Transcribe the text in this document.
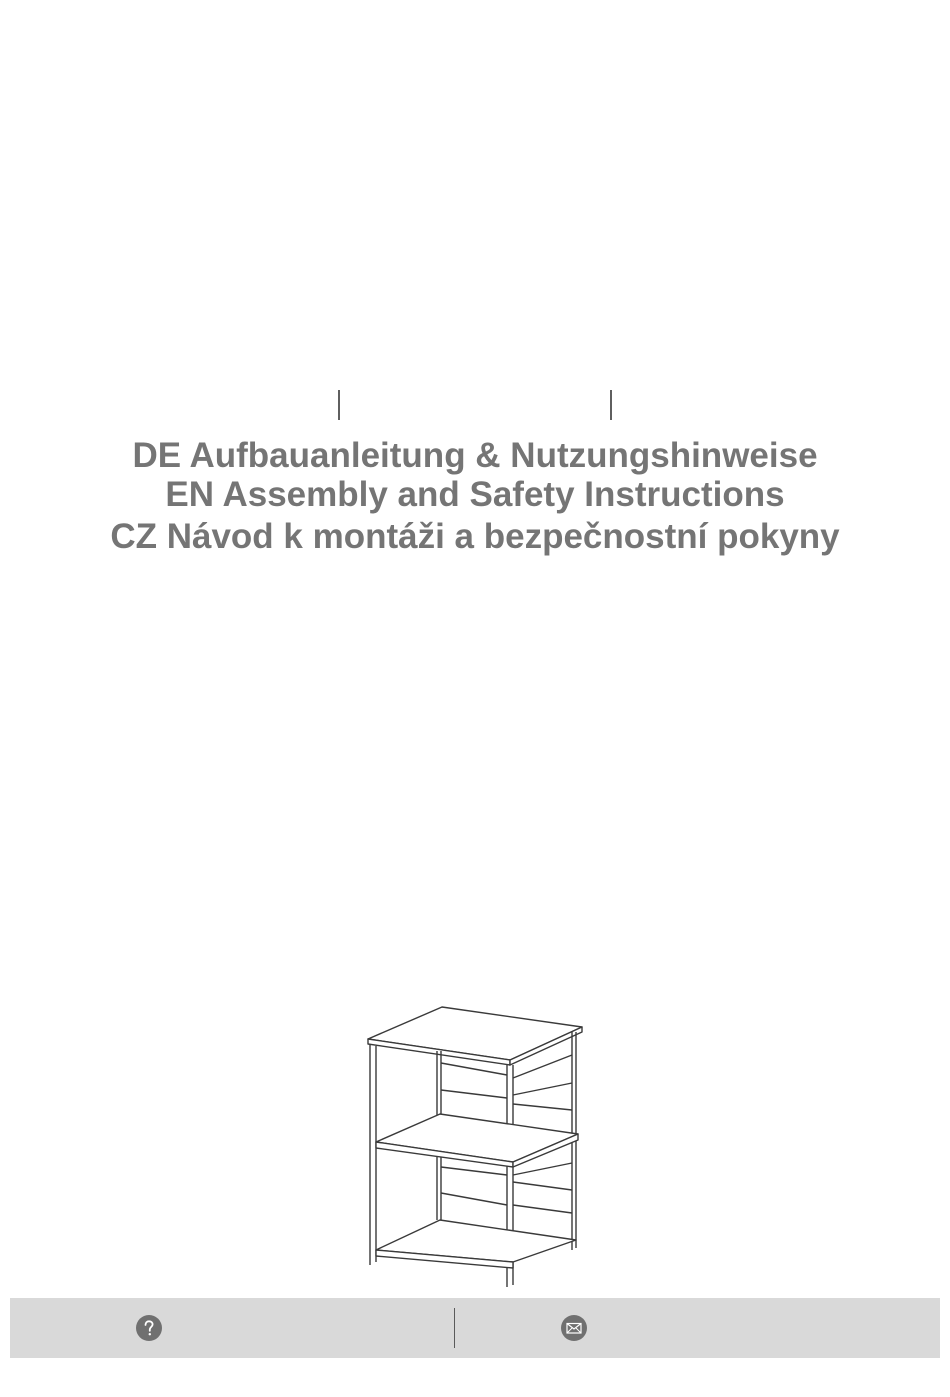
DE Aufbauanleitung & Nutzungshinweise
EN Assembly and Safety Instructions
CZ Návod k montáži a bezpečnostní pokyny
